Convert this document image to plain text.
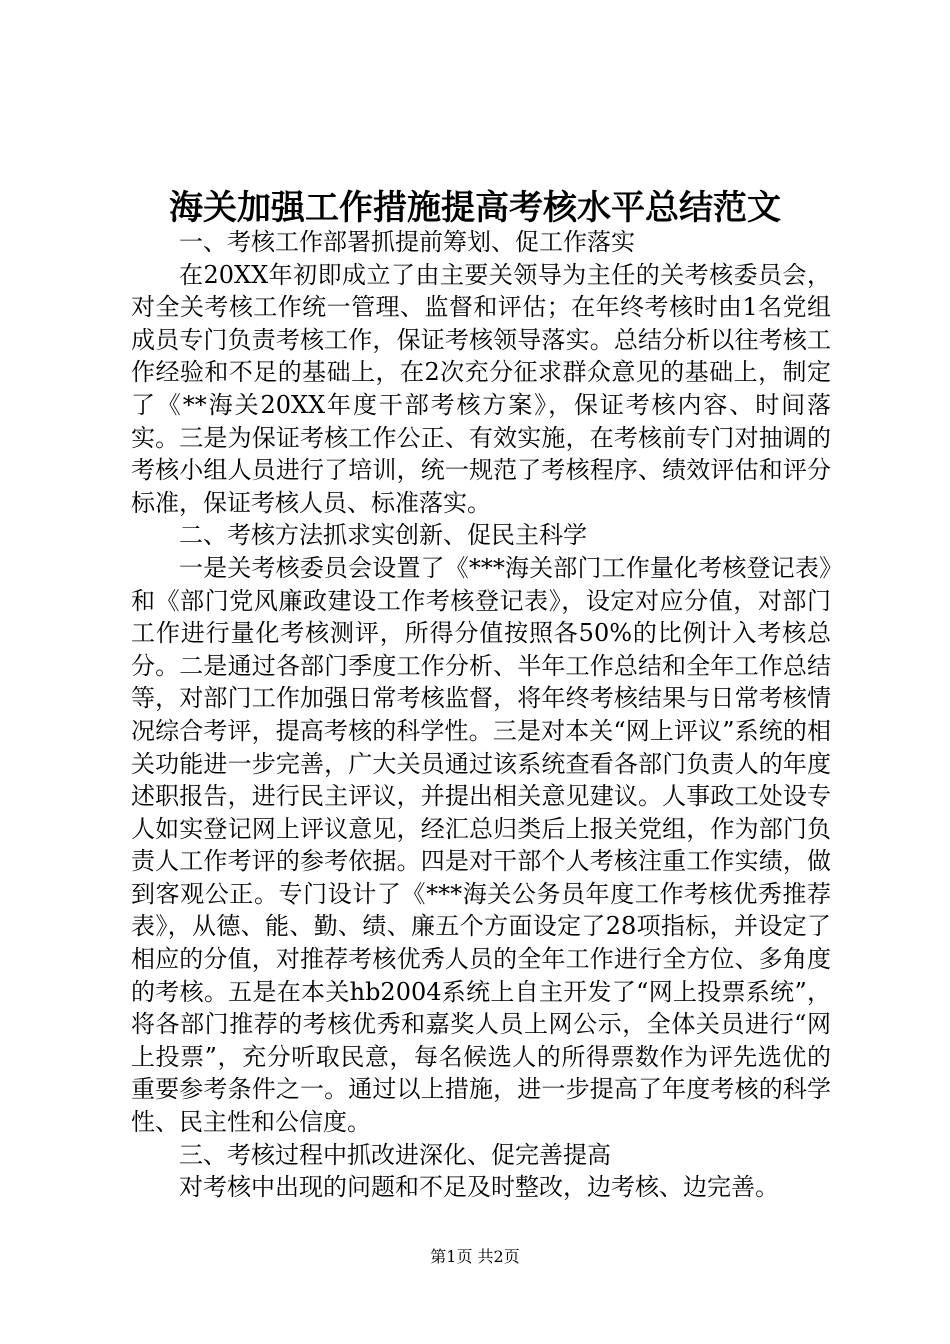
海关加强工作措施提高考核水平总结范文

一、考核工作部署抓提前筹划、促工作落实

在20XX年初即成立了由主要关领导为主任的关考核委员会，对全关考核工作统一管理、监督和评估；在年终考核时由1名党组成员专门负责考核工作，保证考核领导落实。总结分析以往考核工作经验和不足的基础上，在2次充分征求群众意见的基础上，制定了《**海关20XX年度干部考核方案》，保证考核内容、时间落实。三是为保证考核工作公正、有效实施，在考核前专门对抽调的考核小组人员进行了培训，统一规范了考核程序、绩效评估和评分标准，保证考核人员、标准落实。

二、考核方法抓求实创新、促民主科学

一是关考核委员会设置了《***海关部门工作量化考核登记表》和《部门党风廉政建设工作考核登记表》，设定对应分值，对部门工作进行量化考核测评，所得分值按照各50%的比例计入考核总分。二是通过各部门季度工作分析、半年工作总结和全年工作总结等，对部门工作加强日常考核监督，将年终考核结果与日常考核情况综合考评，提高考核的科学性。三是对本关“网上评议”系统的相关功能进一步完善，广大关员通过该系统查看各部门负责人的年度述职报告，进行民主评议，并提出相关意见建议。人事政工处设专人如实登记网上评议意见，经汇总归类后上报关党组，作为部门负责人工作考评的参考依据。四是对干部个人考核注重工作实绩，做到客观公正。专门设计了《***海关公务员年度工作考核优秀推荐表》，从德、能、勤、绩、廉五个方面设定了28项指标，并设定了相应的分值，对推荐考核优秀人员的全年工作进行全方位、多角度的考核。五是在本关hb2004系统上自主开发了“网上投票系统”，将各部门推荐的考核优秀和嘉奖人员上网公示，全体关员进行“网上投票”，充分听取民意，每名候选人的所得票数作为评先选优的重要参考条件之一。通过以上措施，进一步提高了年度考核的科学性、民主性和公信度。

三、考核过程中抓改进深化、促完善提高

对考核中出现的问题和不足及时整改，边考核、边完善。

第1页 共2页
